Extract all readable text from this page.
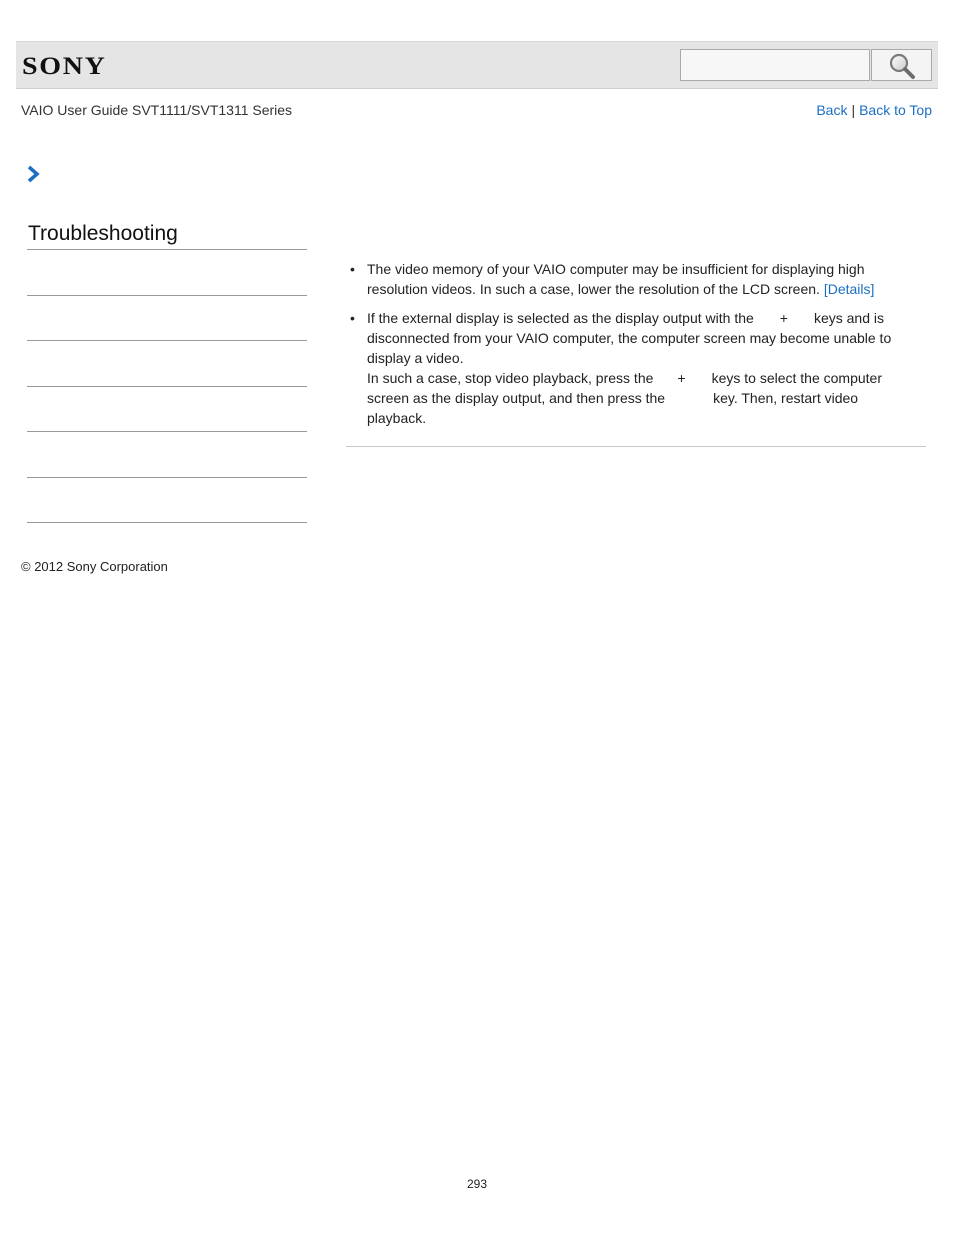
SONY
VAIO User Guide SVT1111/SVT1311 Series	Back | Back to Top
Troubleshooting
• The video memory of your VAIO computer may be insufficient for displaying high resolution videos. In such a case, lower the resolution of the LCD screen. [Details]
• If the external display is selected as the display output with the + keys and is disconnected from your VAIO computer, the computer screen may become unable to display a video.
In such a case, stop video playback, press the + keys to select the computer screen as the display output, and then press the	key. Then, restart video playback.
© 2012 Sony Corporation
293
